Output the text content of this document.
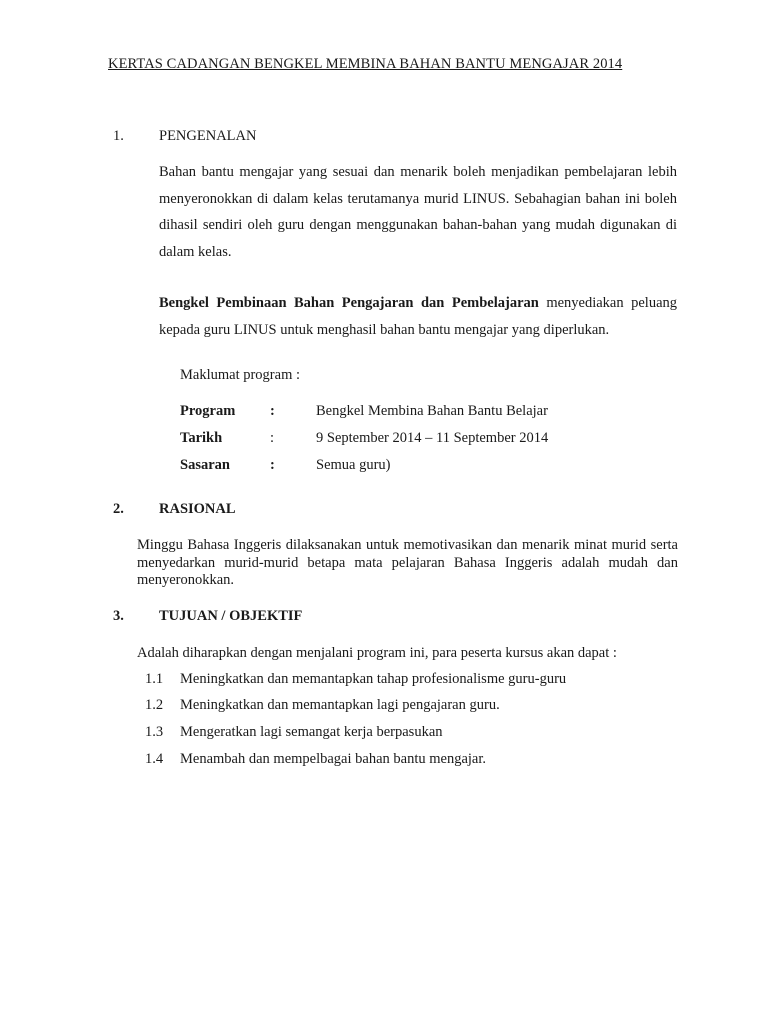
KERTAS CADANGAN BENGKEL MEMBINA BAHAN BANTU MENGAJAR 2014
1. PENGENALAN
Bahan bantu mengajar yang sesuai dan menarik boleh menjadikan pembelajaran lebih menyeronokkan di dalam kelas terutamanya murid LINUS. Sebahagian bahan ini boleh dihasil sendiri oleh guru dengan menggunakan bahan-bahan yang mudah digunakan di dalam kelas.
Bengkel Pembinaan Bahan Pengajaran dan Pembelajaran menyediakan peluang kepada guru LINUS untuk menghasil bahan bantu mengajar yang diperlukan.
Maklumat program :
Program :	Bengkel Membina Bahan Bantu Belajar
Tarikh	:	9 September 2014 – 11 September 2014
Sasaran	:	Semua guru)
2. RASIONAL
Minggu Bahasa Inggeris dilaksanakan untuk memotivasikan dan menarik minat murid serta menyedarkan murid-murid betapa mata pelajaran Bahasa Inggeris adalah mudah dan menyeronokkan.
3. TUJUAN / OBJEKTIF
Adalah diharapkan dengan menjalani program ini, para peserta kursus akan dapat :
1.1 Meningkatkan dan memantapkan tahap profesionalisme guru-guru
1.2 Meningkatkan dan memantapkan lagi pengajaran guru.
1.3 Mengeratkan lagi semangat kerja berpasukan
1.4 Menambah dan mempelbagai bahan bantu mengajar.
